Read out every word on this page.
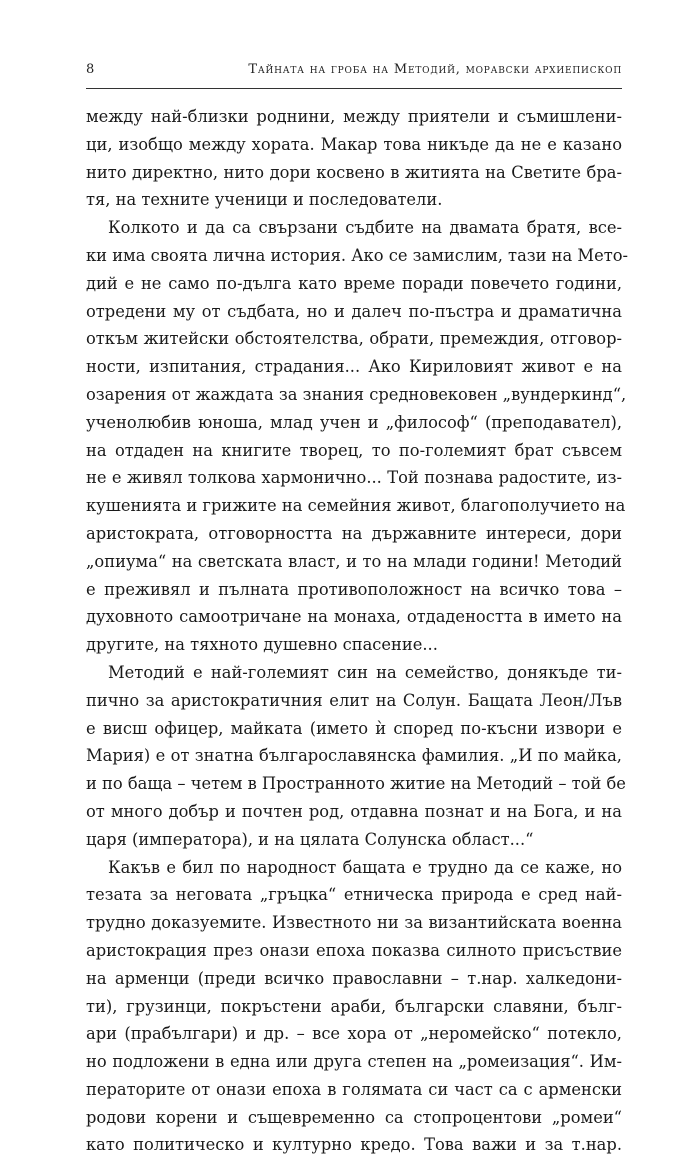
8	Тайната на гроба на Методий, моравски архиепископ
между най-близки роднини, между приятели и съмишлени-
ци, изобщо между хората. Макар това никъде да не е казано
нито директно, нито дори косвено в житията на Светите бра-
тя, на техните ученици и последователи.
Колкото и да са свързани съдбите на двамата братя, все-
ки има своята лична история. Ако се замислим, тази на Мето-
дий е не само по-дълга като време поради повечето години,
отредени му от съдбата, но и далеч по-пъстра и драматична
откъм житейски обстоятелства, обрати, премеждия, отговор-
ности, изпитания, страдания... Ако Кириловият живот е на
озарения от жаждата за знания средновековен „вундеркинд“,
ученолюбив юноша, млад учен и „философ“ (преподавател),
на отдаден на книгите творец, то по-големият брат съвсем
не е живял толкова хармонично... Той познава радостите, из-
кушенията и грижите на семейния живот, благополучието на
аристократа, отговорността на държавните интереси, дори
„опиума“ на светската власт, и то на млади години! Методий
е преживял и пълната противоположност на всичко това –
духовното самоотричане на монаха, отдадеността в името на
другите, на тяхното душевно спасение...
Методий е най-големият син на семейство, донякъде ти-
пично за аристократичния елит на Солун. Бащата Леон/Лъв
е висш офицер, майката (името ѝ според по-късни извори е
Мария) е от знатна българославянска фамилия. „И по майка,
и по баща – четем в Пространното житие на Методий – той бе
от много добър и почтен род, отдавна познат и на Бога, и на
царя (императора), и на цялата Солунска област...“
Какъв е бил по народност бащата е трудно да се каже, но
тезата за неговата „гръцка“ етническа природа е сред най-
трудно доказуемите. Известното ни за византийската военна
аристокрация през онази епоха показва силното присъствие
на арменци (преди всичко православни – т.нар. халкедони-
ти), грузинци, покръстени араби, български славяни, бълг-
ари (прабългари) и др. – все хора от „неромейско“ потекло,
но подложени в една или друга степен на „ромеизация“. Им-
ператорите от онази епоха в голямата си част са с арменски
родови корени и същевременно са стопроцентови „ромеи“
като политическо и културно кредо. Това важи и за т.нар.
